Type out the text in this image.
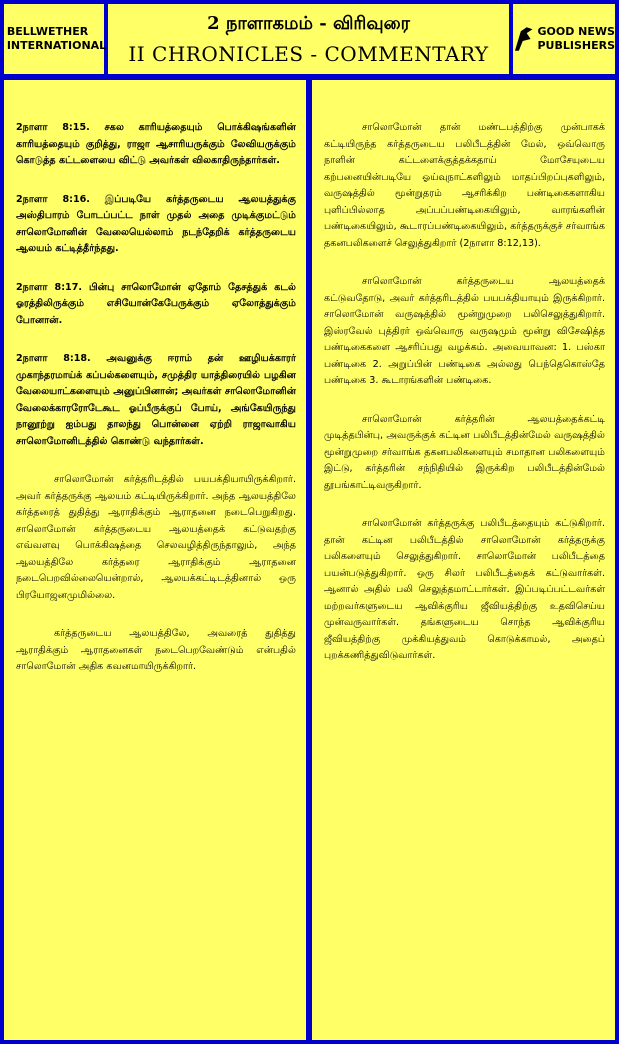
BELLWETHER
INTERNATIONAL
2 நாளாகமம் - விரிவுரை
II CHRONICLES - COMMENTARY
GOOD NEWS
PUBLISHERS

2நாளா 8:15. சகல காரியத்தையும் பொக்கிஷங்களின் காரியத்தையும் குறித்து, ராஜா ஆசாரியருக்கும் லேவியருக்கும் கொடுத்த கட்டளையை விட்டு அவர்கள் விலகாதிருந்தார்கள்.

2நாளா 8:16. இப்படியே கர்த்தருடைய ஆலயத்துக்கு அஸ்திபாரம் போடப்பட்ட நாள் முதல் அதை முடிக்குமட்டும் சாலொமோனின் வேலையெல்லாம் நடந்தேறிக் கர்த்தருடைய ஆலயம் கட்டித்தீர்ந்தது.

2நாளா 8:17. பின்பு சாலொமோன் ஏதோம் தேசத்துக் கடல் ஓரத்திலிருக்கும் எசியோன்கேபேருக்கும் ஏலோத்துக்கும் போனான்.

2நாளா 8:18. அவனுக்கு ஈராம் தன் ஊழியக்காரர் முகாந்தரமாய்க் கப்பல்களையும், சமுத்திர யாத்திரையில் பழகின வேலையாட்களையும் அனுப்பினான்; அவர்கள் சாலொமோனின் வேலைக்காரரோடேகூட ஓப்பீருக்குப் போய், அங்கேயிருந்து நானூற்று ஐம்பது தாலந்து பொன்னை ஏற்றி ராஜாவாகிய சாலொமோனிடத்தில் கொண்டு வந்தார்கள்.

சாலொமோன் கர்த்தரிடத்தில் பயபக்தியாயிருக்கிறார். அவர் கர்த்தருக்கு ஆலயம் கட்டியிருக்கிறார். அந்த ஆலயத்திலே கர்த்தரைத் துதித்து ஆராதிக்கும் ஆராதனை நடைபெறுகிறது. சாலொமோன் கர்த்தருடைய ஆலயத்தைக் கட்டுவதற்கு எவ்வளவு பொக்கிஷத்தை செலவழித்திருந்தாலும், அந்த ஆலயத்திலே கர்த்தரை ஆராதிக்கும் ஆராதனை நடைபெறவில்லையென்றால், ஆலயக்கட்டிடத்தினால் ஒரு பிரயோஜனமுமில்லை.

கர்த்தருடைய ஆலயத்திலே, அவரைத் துதித்து ஆராதிக்கும் ஆராதனைகள் நடைபெறவேண்டும் என்பதில் சாலொமோன் அதிக கவனமாயிருக்கிறார்.

சாலொமோன் தான் மண்டபத்திற்கு முன்பாகக் கட்டியிருந்த கர்த்தருடைய பலிபீடத்தின் மேல், ஒவ்வொரு நாளின் கட்டளைக்குத்தக்கதாய் மோசேயுடைய கற்பனையின்படியே ஓய்வுநாட்களிலும் மாதப்பிறப்புகளிலும், வருஷத்தில் மூன்றுதரம் ஆசரிக்கிற பண்டிகைகளாகிய புளிப்பில்லாத அப்பப்பண்டிகையிலும், வாரங்களின் பண்டிகையிலும், கூடாரப்பண்டிகையிலும், கர்த்தருக்குச் சர்வாங்க தகனபலிகளைச் செலுத்துகிறார் (2நாளா 8:12,13).

சாலொமோன் கர்த்தருடைய ஆலயத்தைக் கட்டுவதோடு, அவர் கர்த்தரிடத்தில் பயபக்தியாயும் இருக்கிறார். சாலொமோன் வருஷத்தில் மூன்றுமுறை பலிசெலுத்துகிறார். இஸ்ரவேல் புத்திரர் ஒவ்வொரு வருஷமும் மூன்று விசேஷித்த பண்டிகைகளை ஆசரிப்பது வழக்கம். அவையாவன: 1. பஸ்கா பண்டிகை 2. அறுப்பின் பண்டிகை அல்லது பெந்தெகொஸ்தே பண்டிகை 3. கூடாரங்களின் பண்டிகை.

சாலொமோன் கர்த்தரின் ஆலயத்தைக்கட்டி முடித்தபின்பு, அவருக்குக் கட்டின பலிபீடத்தின்மேல் வருஷத்தில் மூன்றுமுறை சர்வாங்க தகனபலிகளையும் சமாதான பலிகளையும் இட்டு, கர்த்தரின் சந்நிதியில் இருக்கிற பலிபீடத்தின்மேல் தூபங்காட்டிவருகிறார்.

சாலொமோன் கர்த்தருக்கு பலிபீடத்தையும் கட்டுகிறார். தான் கட்டின பலிபீடத்தில் சாலொமோன் கர்த்தருக்கு பலிகளையும் செலுத்துகிறார். சாலொமோன் பலிபீடத்தை பயன்படுத்துகிறார். ஒரு சிலர் பலிபீடத்தைக் கட்டுவார்கள். ஆனால் அதில் பலி செலுத்தமாட்டார்கள். இப்படிப்பட்டவர்கள் மற்றவர்களுடைய ஆவிக்குரிய ஜீவியத்திற்கு உதவிசெய்ய முன்வருவார்கள். தங்களுடைய சொந்த ஆவிக்குரிய ஜீவியத்திற்கு முக்கியத்துவம் கொடுக்காமல், அதைப் புறக்கணித்துவிடுவார்கள்.
